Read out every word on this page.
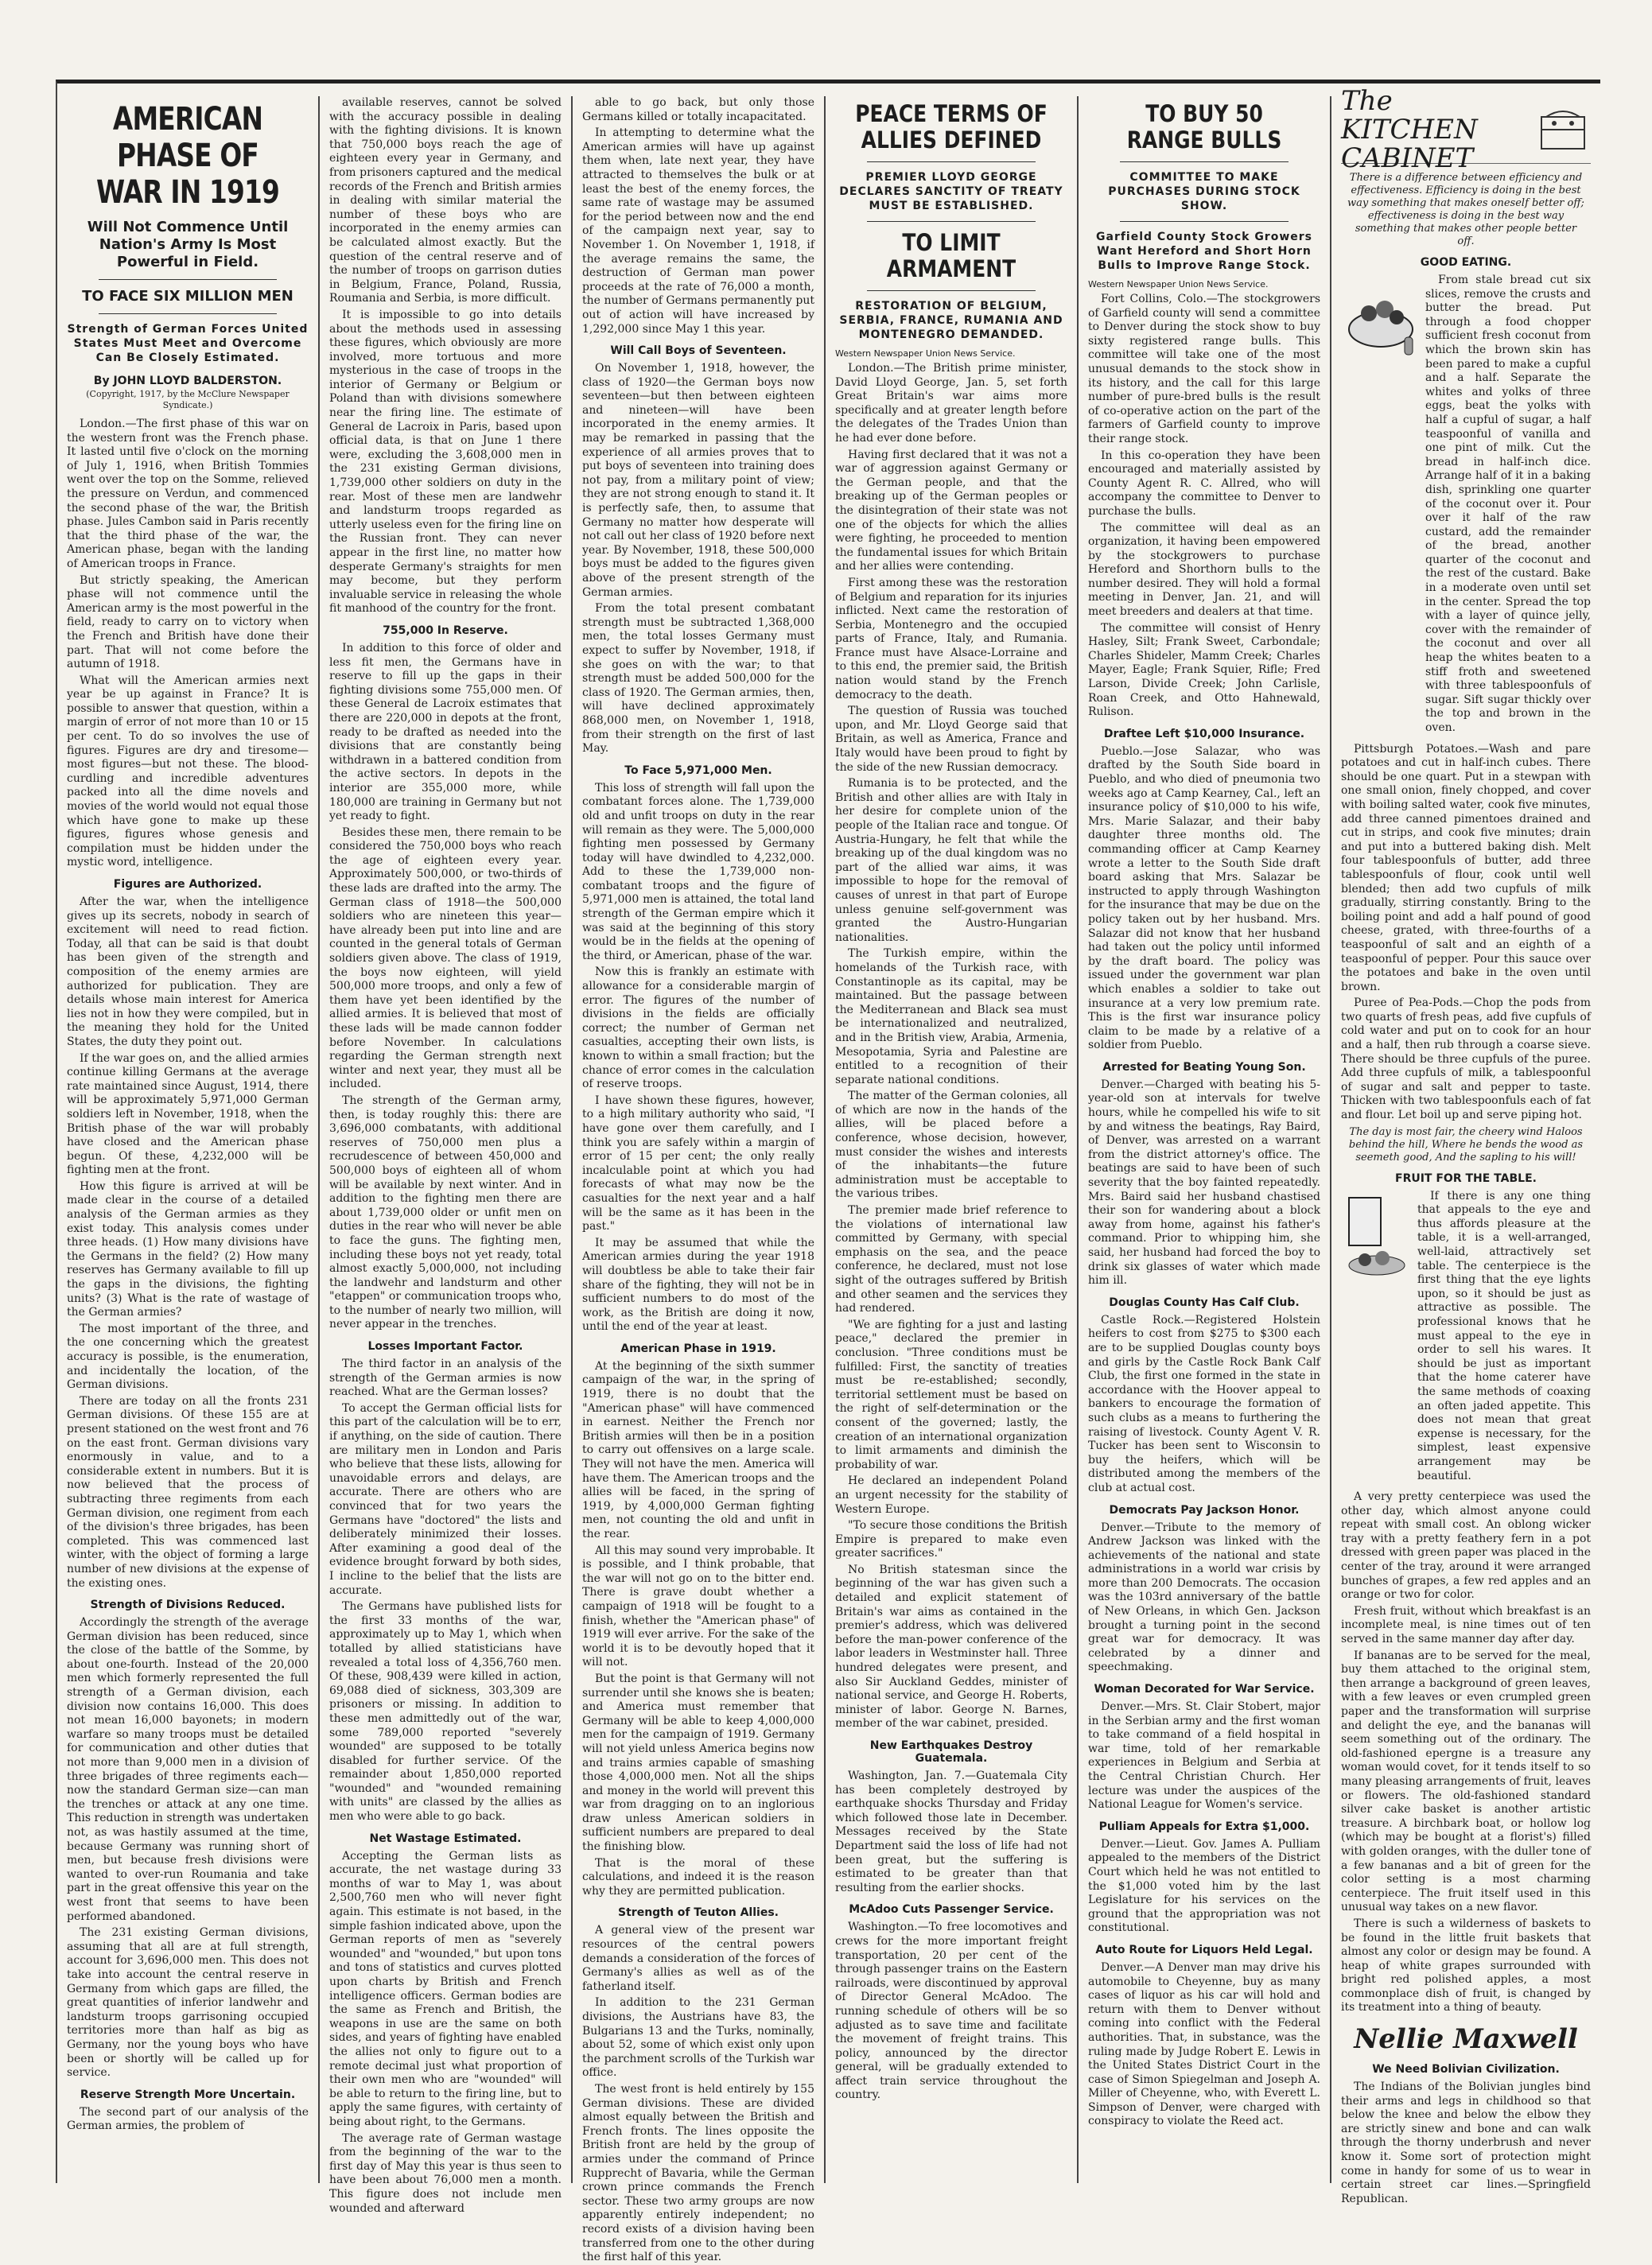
AMERICAN PHASE OF WAR IN 1919
Will Not Commence Until Nation's Army Is Most Powerful in Field.
TO FACE SIX MILLION MEN
Strength of German Forces United States Must Meet and Overcome Can Be Closely Estimated.
By JOHN LLOYD BALDERSTON.
(Copyright, 1917, by the McClure Newspaper Syndicate.)

London.—The first phase of this war on the western front was the French phase. It lasted until five o'clock on the morning of July 1, 1916, when British Tommies went over the top on the Somme, relieved the pressure on Verdun, and commenced the second phase of the war, the British phase. Jules Cambon said in Paris recently that the third phase of the war, the American phase, began with the landing of American troops in France.

But strictly speaking, the American phase will not commence until the American army is the most powerful in the field, ready to carry on to victory when the French and British have done their part. That will not come before the autumn of 1918.

What will the American armies next year be up against in France? It is possible to answer that question, within a margin of error of not more than 10 or 15 per cent. To do so involves the use of figures. Figures are dry and tiresome—most figures—but not these. The blood-curdling and incredible adventures packed into all the dime novels and movies of the world would not equal those which have gone to make up these figures, figures whose genesis and compilation must be hidden under the mystic word, intelligence.

Figures are Authorized.

After the war, when the intelligence gives up its secrets, nobody in search of excitement will need to read fiction. Today, all that can be said is that doubt has been given of the strength and composition of the enemy armies are authorized for publication. They are details whose main interest for America lies not in how they were compiled, but in the meaning they hold for the United States, the duty they point out.

If the war goes on, and the allied armies continue killing Germans at the average rate maintained since August, 1914, there will be approximately 5,971,000 German soldiers left in November, 1918, when the British phase of the war will probably have closed and the American phase begun. Of these, 4,232,000 will be fighting men at the front.

How this figure is arrived at will be made clear in the course of a detailed analysis of the German armies as they exist today. This analysis comes under three heads. (1) How many divisions have the Germans in the field? (2) How many reserves has Germany available to fill up the gaps in the divisions, the fighting units? (3) What is the rate of wastage of the German armies?

The most important of the three, and the one concerning which the greatest accuracy is possible, is the enumeration, and incidentally the location, of the German divisions.

There are today on all the fronts 231 German divisions. Of these 155 are at present stationed on the west front and 76 on the east front. German divisions vary enormously in value, and to a considerable extent in numbers. But it is now believed that the process of subtracting three regiments from each German division, one regiment from each of the division's three brigades, has been completed. This was commenced last winter, with the object of forming a large number of new divisions at the expense of the existing ones.

Strength of Divisions Reduced.

Accordingly the strength of the average German division has been reduced, since the close of the battle of the Somme, by about one-fourth. Instead of the 20,000 men which formerly represented the full strength of a German division, each division now contains 16,000. This does not mean 16,000 bayonets; in modern warfare so many troops must be detailed for communication and other duties that not more than 9,000 men in a division of three brigades of three regiments each—now the standard German size—can man the trenches or attack at any one time. This reduction in strength was undertaken not, as was hastily assumed at the time, because Germany was running short of men, but because fresh divisions were wanted to over-run Roumania and take part in the great offensive this year on the west front that seems to have been performed abandoned.

The 231 existing German divisions, assuming that all are at full strength, account for 3,696,000 men. This does not take into account the central reserve in Germany from which gaps are filled, the great quantities of inferior landwehr and landsturm troops garrisoning occupied territories more than half as big as Germany, nor the young boys who have been or shortly will be called up for service.

Reserve Strength More Uncertain.

The second part of our analysis of the German armies, the problem of

available reserves, cannot be solved with the accuracy possible in dealing with the fighting divisions. It is known that 750,000 boys reach the age of eighteen every year in Germany, and from prisoners captured and the medical records of the French and British armies in dealing with similar material the number of these boys who are incorporated in the enemy armies can be calculated almost exactly. But the question of the central reserve and of the number of troops on garrison duties in Belgium, France, Poland, Russia, Roumania and Serbia, is more difficult.

It is impossible to go into details about the methods used in assessing these figures, which obviously are more involved, more tortuous and more mysterious in the case of troops in the interior of Germany or Belgium or Poland than with divisions somewhere near the firing line. The estimate of General de Lacroix in Paris, based upon official data, is that on June 1 there were, excluding the 3,608,000 men in the 231 existing German divisions, 1,739,000 other soldiers on duty in the rear. Most of these men are landwehr and landsturm troops regarded as utterly useless even for the firing line on the Russian front. They can never appear in the first line, no matter how desperate Germany's straights for men may become, but they perform invaluable service in releasing the whole fit manhood of the country for the front.

755,000 In Reserve.

In addition to this force of older and less fit men, the Germans have in reserve to fill up the gaps in their fighting divisions some 755,000 men. Of these General de Lacroix estimates that there are 220,000 in depots at the front, ready to be drafted as needed into the divisions that are constantly being withdrawn in a battered condition from the active sectors. In depots in the interior are 355,000 more, while 180,000 are training in Germany but not yet ready to fight.

Besides these men, there remain to be considered the 750,000 boys who reach the age of eighteen every year. Approximately 500,000, or two-thirds of these lads are drafted into the army. The German class of 1918—the 500,000 soldiers who are nineteen this year—have already been put into line and are counted in the general totals of German soldiers given above. The class of 1919, the boys now eighteen, will yield 500,000 more troops, and only a few of them have yet been identified by the allied armies. It is believed that most of these lads will be made cannon fodder before November. In calculations regarding the German strength next winter and next year, they must all be included.

The strength of the German army, then, is today roughly this: there are 3,696,000 combatants, with additional reserves of 750,000 men plus a recrudescence of between 450,000 and 500,000 boys of eighteen all of whom will be available by next winter. And in addition to the fighting men there are about 1,739,000 older or unfit men on duties in the rear who will never be able to face the guns. The fighting men, including these boys not yet ready, total almost exactly 5,000,000, not including the landwehr and landsturm and other "etappen" or communication troops who, to the number of nearly two million, will never appear in the trenches.

Losses Important Factor.

The third factor in an analysis of the strength of the German armies is now reached. What are the German losses?

To accept the German official lists for this part of the calculation will be to err, if anything, on the side of caution. There are military men in London and Paris who believe that these lists, allowing for unavoidable errors and delays, are accurate. There are others who are convinced that for two years the Germans have "doctored" the lists and deliberately minimized their losses. After examining a good deal of the evidence brought forward by both sides, I incline to the belief that the lists are accurate.

The Germans have published lists for the first 33 months of the war, approximately up to May 1, which when totalled by allied statisticians have revealed a total loss of 4,356,760 men. Of these, 908,439 were killed in action, 69,088 died of sickness, 303,309 are prisoners or missing. In addition to these men admittedly out of the war, some 789,000 reported "severely wounded" are supposed to be totally disabled for further service. Of the remainder about 1,850,000 reported "wounded" and "wounded remaining with units" are classed by the allies as men who were able to go back.

Net Wastage Estimated.

Accepting the German lists as accurate, the net wastage during 33 months of war to May 1, was about 2,500,760 men who will never fight again. This estimate is not based, in the simple fashion indicated above, upon the German reports of men as "severely wounded" and "wounded," but upon tons and tons of statistics and curves plotted upon charts by British and French intelligence officers. German bodies are the same as French and British, the weapons in use are the same on both sides, and years of fighting have enabled the allies not only to figure out to a remote decimal just what proportion of their own men who are "wounded" will be able to return to the firing line, but to apply the same figures, with certainty of being about right, to the Germans.

The average rate of German wastage from the beginning of the war to the first day of May this year is thus seen to have been about 76,000 men a month. This figure does not include men wounded and afterward

able to go back, but only those Germans killed or totally incapacitated.

In attempting to determine what the American armies will have up against them when, late next year, they have attracted to themselves the bulk or at least the best of the enemy forces, the same rate of wastage may be assumed for the period between now and the end of the campaign next year, say to November 1. On November 1, 1918, if the average remains the same, the destruction of German man power proceeds at the rate of 76,000 a month, the number of Germans permanently put out of action will have increased by 1,292,000 since May 1 this year.

Will Call Boys of Seventeen.

On November 1, 1918, however, the class of 1920—the German boys now seventeen—but then between eighteen and nineteen—will have been incorporated in the enemy armies. It may be remarked in passing that the experience of all armies proves that to put boys of seventeen into training does not pay, from a military point of view; they are not strong enough to stand it. It is perfectly safe, then, to assume that Germany no matter how desperate will not call out her class of 1920 before next year. By November, 1918, these 500,000 boys must be added to the figures given above of the present strength of the German armies.

From the total present combatant strength must be subtracted 1,368,000 men, the total losses Germany must expect to suffer by November, 1918, if she goes on with the war; to that strength must be added 500,000 for the class of 1920. The German armies, then, will have declined approximately 868,000 men, on November 1, 1918, from their strength on the first of last May.

To Face 5,971,000 Men.

This loss of strength will fall upon the combatant forces alone. The 1,739,000 old and unfit troops on duty in the rear will remain as they were. The 5,000,000 fighting men possessed by Germany today will have dwindled to 4,232,000. Add to these the 1,739,000 non-combatant troops and the figure of 5,971,000 men is attained, the total land strength of the German empire which it was said at the beginning of this story would be in the fields at the opening of the third, or American, phase of the war.

Now this is frankly an estimate with allowance for a considerable margin of error. The figures of the number of divisions in the fields are officially correct; the number of German net casualties, accepting their own lists, is known to within a small fraction; but the chance of error comes in the calculation of reserve troops.

I have shown these figures, however, to a high military authority who said, "I have gone over them carefully, and I think you are safely within a margin of error of 15 per cent; the only really incalculable point at which you had forecasts of what may now be the casualties for the next year and a half will be the same as it has been in the past."

It may be assumed that while the American armies during the year 1918 will doubtless be able to take their fair share of the fighting, they will not be in sufficient numbers to do most of the work, as the British are doing it now, until the end of the year at least.

American Phase in 1919.

At the beginning of the sixth summer campaign of the war, in the spring of 1919, there is no doubt that the "American phase" will have commenced in earnest. Neither the French nor British armies will then be in a position to carry out offensives on a large scale. They will not have the men. America will have them. The American troops and the allies will be faced, in the spring of 1919, by 4,000,000 German fighting men, not counting the old and unfit in the rear.

All this may sound very improbable. It is possible, and I think probable, that the war will not go on to the bitter end. There is grave doubt whether a campaign of 1918 will be fought to a finish, whether the "American phase" of 1919 will ever arrive. For the sake of the world it is to be devoutly hoped that it will not.

But the point is that Germany will not surrender until she knows she is beaten; and America must remember that Germany will be able to keep 4,000,000 men for the campaign of 1919. Germany will not yield unless America begins now and trains armies capable of smashing those 4,000,000 men. Not all the ships and money in the world will prevent this war from dragging on to an inglorious draw unless American soldiers in sufficient numbers are prepared to deal the finishing blow.

That is the moral of these calculations, and indeed it is the reason why they are permitted publication.

Strength of Teuton Allies.

A general view of the present war resources of the central powers demands a consideration of the forces of Germany's allies as well as of the fatherland itself.

In addition to the 231 German divisions, the Austrians have 83, the Bulgarians 13 and the Turks, nominally, about 52, some of which exist only upon the parchment scrolls of the Turkish war office.

The west front is held entirely by 155 German divisions. These are divided almost equally between the British and French fronts. The lines opposite the British front are held by the group of armies under the command of Prince Rupprecht of Bavaria, while the German crown prince commands the French sector. These two army groups are now apparently entirely independent; no record exists of a division having been transferred from one to the other during the first half of this year.

PEACE TERMS OF ALLIES DEFINED
PREMIER LLOYD GEORGE DECLARES SANCTITY OF TREATY MUST BE ESTABLISHED.
TO LIMIT ARMAMENT
RESTORATION OF BELGIUM, SERBIA, FRANCE, RUMANIA AND MONTENEGRO DEMANDED.
Western Newspaper Union News Service.

London.—The British prime minister, David Lloyd George, Jan. 5, set forth Great Britain's war aims more specifically and at greater length before the delegates of the Trades Union than he had ever done before.

Having first declared that it was not a war of aggression against Germany or the German people, and that the breaking up of the German peoples or the disintegration of their state was not one of the objects for which the allies were fighting, he proceeded to mention the fundamental issues for which Britain and her allies were contending.

First among these was the restoration of Belgium and reparation for its injuries inflicted. Next came the restoration of Serbia, Montenegro and the occupied parts of France, Italy, and Rumania. France must have Alsace-Lorraine and to this end, the premier said, the British nation would stand by the French democracy to the death.

The question of Russia was touched upon, and Mr. Lloyd George said that Britain, as well as America, France and Italy would have been proud to fight by the side of the new Russian democracy.

Rumania is to be protected, and the British and other allies are with Italy in her desire for complete union of the people of the Italian race and tongue. Of Austria-Hungary, he felt that while the breaking up of the dual kingdom was no part of the allied war aims, it was impossible to hope for the removal of causes of unrest in that part of Europe unless genuine self-government was granted the Austro-Hungarian nationalities.

The Turkish empire, within the homelands of the Turkish race, with Constantinople as its capital, may be maintained. But the passage between the Mediterranean and Black sea must be internationalized and neutralized, and in the British view, Arabia, Armenia, Mesopotamia, Syria and Palestine are entitled to a recognition of their separate national conditions.

The matter of the German colonies, all of which are now in the hands of the allies, will be placed before a conference, whose decision, however, must consider the wishes and interests of the inhabitants—the future administration must be acceptable to the various tribes.

The premier made brief reference to the violations of international law committed by Germany, with special emphasis on the sea, and the peace conference, he declared, must not lose sight of the outrages suffered by British and other seamen and the services they had rendered.

"We are fighting for a just and lasting peace," declared the premier in conclusion. "Three conditions must be fulfilled: First, the sanctity of treaties must be re-established; secondly, territorial settlement must be based on the right of self-determination or the consent of the governed; lastly, the creation of an international organization to limit armaments and diminish the probability of war.

He declared an independent Poland an urgent necessity for the stability of Western Europe.

"To secure those conditions the British Empire is prepared to make even greater sacrifices."

No British statesman since the beginning of the war has given such a detailed and explicit statement of Britain's war aims as contained in the premier's address, which was delivered before the man-power conference of the labor leaders in Westminster hall. Three hundred delegates were present, and also Sir Auckland Geddes, minister of national service, and George H. Roberts, minister of labor. George N. Barnes, member of the war cabinet, presided.

New Earthquakes Destroy Guatemala.

Washington, Jan. 7.—Guatemala City has been completely destroyed by earthquake shocks Thursday and Friday which followed those late in December. Messages received by the State Department said the loss of life had not been great, but the suffering is estimated to be greater than that resulting from the earlier shocks.

McAdoo Cuts Passenger Service.

Washington.—To free locomotives and crews for the more important freight transportation, 20 per cent of the through passenger trains on the Eastern railroads, were discontinued by approval of Director General McAdoo. The running schedule of others will be so adjusted as to save time and facilitate the movement of freight trains. This policy, announced by the director general, will be gradually extended to affect train service throughout the country.

TO BUY 50 RANGE BULLS
COMMITTEE TO MAKE PURCHASES DURING STOCK SHOW.
Garfield County Stock Growers Want Hereford and Short Horn Bulls to Improve Range Stock.
Western Newspaper Union News Service.

Fort Collins, Colo.—The stockgrowers of Garfield county will send a committee to Denver during the stock show to buy sixty registered range bulls. This committee will take one of the most unusual demands to the stock show in its history, and the call for this large number of pure-bred bulls is the result of co-operative action on the part of the farmers of Garfield county to improve their range stock.

In this co-operation they have been encouraged and materially assisted by County Agent R. C. Allred, who will accompany the committee to Denver to purchase the bulls.

The committee will deal as an organization, it having been empowered by the stockgrowers to purchase Hereford and Shorthorn bulls to the number desired. They will hold a formal meeting in Denver, Jan. 21, and will meet breeders and dealers at that time.

The committee will consist of Henry Hasley, Silt; Frank Sweet, Carbondale; Charles Shideler, Mamm Creek; Charles Mayer, Eagle; Frank Squier, Rifle; Fred Larson, Divide Creek; John Carlisle, Roan Creek, and Otto Hahnewald, Rulison.

Draftee Left $10,000 Insurance.

Pueblo.—Jose Salazar, who was drafted by the South Side board in Pueblo, and who died of pneumonia two weeks ago at Camp Kearney, Cal., left an insurance policy of $10,000 to his wife, Mrs. Marie Salazar, and their baby daughter three months old. The commanding officer at Camp Kearney wrote a letter to the South Side draft board asking that Mrs. Salazar be instructed to apply through Washington for the insurance that may be due on the policy taken out by her husband. Mrs. Salazar did not know that her husband had taken out the policy until informed by the draft board. The policy was issued under the government war plan which enables a soldier to take out insurance at a very low premium rate. This is the first war insurance policy claim to be made by a relative of a soldier from Pueblo.

Arrested for Beating Young Son.

Denver.—Charged with beating his 5-year-old son at intervals for twelve hours, while he compelled his wife to sit by and witness the beatings, Ray Baird, of Denver, was arrested on a warrant from the district attorney's office. The beatings are said to have been of such severity that the boy fainted repeatedly. Mrs. Baird said her husband chastised their son for wandering about a block away from home, against his father's command. Prior to whipping him, she said, her husband had forced the boy to drink six glasses of water which made him ill.

Douglas County Has Calf Club.

Castle Rock.—Registered Holstein heifers to cost from $275 to $300 each are to be supplied Douglas county boys and girls by the Castle Rock Bank Calf Club, the first one formed in the state in accordance with the Hoover appeal to bankers to encourage the formation of such clubs as a means to furthering the raising of livestock. County Agent V. R. Tucker has been sent to Wisconsin to buy the heifers, which will be distributed among the members of the club at actual cost.

Democrats Pay Jackson Honor.

Denver.—Tribute to the memory of Andrew Jackson was linked with the achievements of the national and state administrations in a world war crisis by more than 200 Democrats. The occasion was the 103rd anniversary of the battle of New Orleans, in which Gen. Jackson brought a turning point in the second great war for democracy. It was celebrated by a dinner and speechmaking.

Woman Decorated for War Service.

Denver.—Mrs. St. Clair Stobert, major in the Serbian army and the first woman to take command of a field hospital in war time, told of her remarkable experiences in Belgium and Serbia at the Central Christian Church. Her lecture was under the auspices of the National League for Women's service.

Pulliam Appeals for Extra $1,000.

Denver.—Lieut. Gov. James A. Pulliam appealed to the members of the District Court which held he was not entitled to the $1,000 voted him by the last Legislature for his services on the ground that the appropriation was not constitutional.

Auto Route for Liquors Held Legal.

Denver.—A Denver man may drive his automobile to Cheyenne, buy as many cases of liquor as his car will hold and return with them to Denver without coming into conflict with the Federal authorities. That, in substance, was the ruling made by Judge Robert E. Lewis in the United States District Court in the case of Simon Spiegelman and Joseph A. Miller of Cheyenne, who, with Everett L. Simpson of Denver, were charged with conspiracy to violate the Reed act.

The KITCHEN
CABINET
There is a difference between efficiency and effectiveness. Efficiency is doing in the best way something that makes oneself better off; effectiveness is doing in the best way something that makes other people better off.
GOOD EATING.

From stale bread cut six slices, remove the crusts and butter the bread. Put through a food chopper sufficient fresh coconut from which the brown skin has been pared to make a cupful and a half. Separate the whites and yolks of three eggs, beat the yolks with half a cupful of sugar, a half teaspoonful of vanilla and one pint of milk. Cut the bread in half-inch dice. Arrange half of it in a baking dish, sprinkling one quarter of the coconut over it. Pour over it half of the raw custard, add the remainder of the bread, another quarter of the coconut and the rest of the custard. Bake in a moderate oven until set in the center. Spread the top with a layer of quince jelly, cover with the remainder of the coconut and over all heap the whites beaten to a stiff froth and sweetened with three tablespoonfuls of sugar. Sift sugar thickly over the top and brown in the oven.

Pittsburgh Potatoes.—Wash and pare potatoes and cut in half-inch cubes. There should be one quart. Put in a stewpan with one small onion, finely chopped, and cover with boiling salted water, cook five minutes, add three canned pimentoes drained and cut in strips, and cook five minutes; drain and put into a buttered baking dish. Melt four tablespoonfuls of butter, add three tablespoonfuls of flour, cook until well blended; then add two cupfuls of milk gradually, stirring constantly. Bring to the boiling point and add a half pound of good cheese, grated, with three-fourths of a teaspoonful of salt and an eighth of a teaspoonful of pepper. Pour this sauce over the potatoes and bake in the oven until brown.

Puree of Pea-Pods.—Chop the pods from two quarts of fresh peas, add five cupfuls of cold water and put on to cook for an hour and a half, then rub through a coarse sieve. There should be three cupfuls of the puree. Add three cupfuls of milk, a tablespoonful of sugar and salt and pepper to taste. Thicken with two tablespoonfuls each of fat and flour. Let boil up and serve piping hot.

The day is most fair, the cheery wind Haloos behind the hill, Where he bends the wood as seemeth good, And the sapling to his will!
FRUIT FOR THE TABLE.

If there is any one thing that appeals to the eye and thus affords pleasure at the table, it is a well-arranged, well-laid, attractively set table. The centerpiece is the first thing that the eye lights upon, so it should be just as attractive as possible. The professional knows that he must appeal to the eye in order to sell his wares. It should be just as important that the home caterer have the same methods of coaxing an often jaded appetite. This does not mean that great expense is necessary, for the simplest, least expensive arrangement may be beautiful.

A very pretty centerpiece was used the other day, which almost anyone could repeat with small cost. An oblong wicker tray with a pretty feathery fern in a pot dressed with green paper was placed in the center of the tray, around it were arranged bunches of grapes, a few red apples and an orange or two for color.

Fresh fruit, without which breakfast is an incomplete meal, is nine times out of ten served in the same manner day after day.

If bananas are to be served for the meal, buy them attached to the original stem, then arrange a background of green leaves, with a few leaves or even crumpled green paper and the transformation will surprise and delight the eye, and the bananas will seem something out of the ordinary. The old-fashioned epergne is a treasure any woman would covet, for it tends itself to so many pleasing arrangements of fruit, leaves or flowers. The old-fashioned standard silver cake basket is another artistic treasure. A birchbark boat, or hollow log (which may be bought at a florist's) filled with golden oranges, with the duller tone of a few bananas and a bit of green for the color setting is a most charming centerpiece. The fruit itself used in this unusual way takes on a new flavor.

There is such a wilderness of baskets to be found in the little fruit baskets that almost any color or design may be found. A heap of white grapes surrounded with bright red polished apples, a most commonplace dish of fruit, is changed by its treatment into a thing of beauty.

Nellie Maxwell
We Need Bolivian Civilization.

The Indians of the Bolivian jungles bind their arms and legs in childhood so that below the knee and below the elbow they are strictly sinew and bone and can walk through the thorny underbrush and never know it. Some sort of protection might come in handy for some of us to wear in certain street car lines.—Springfield Republican.
